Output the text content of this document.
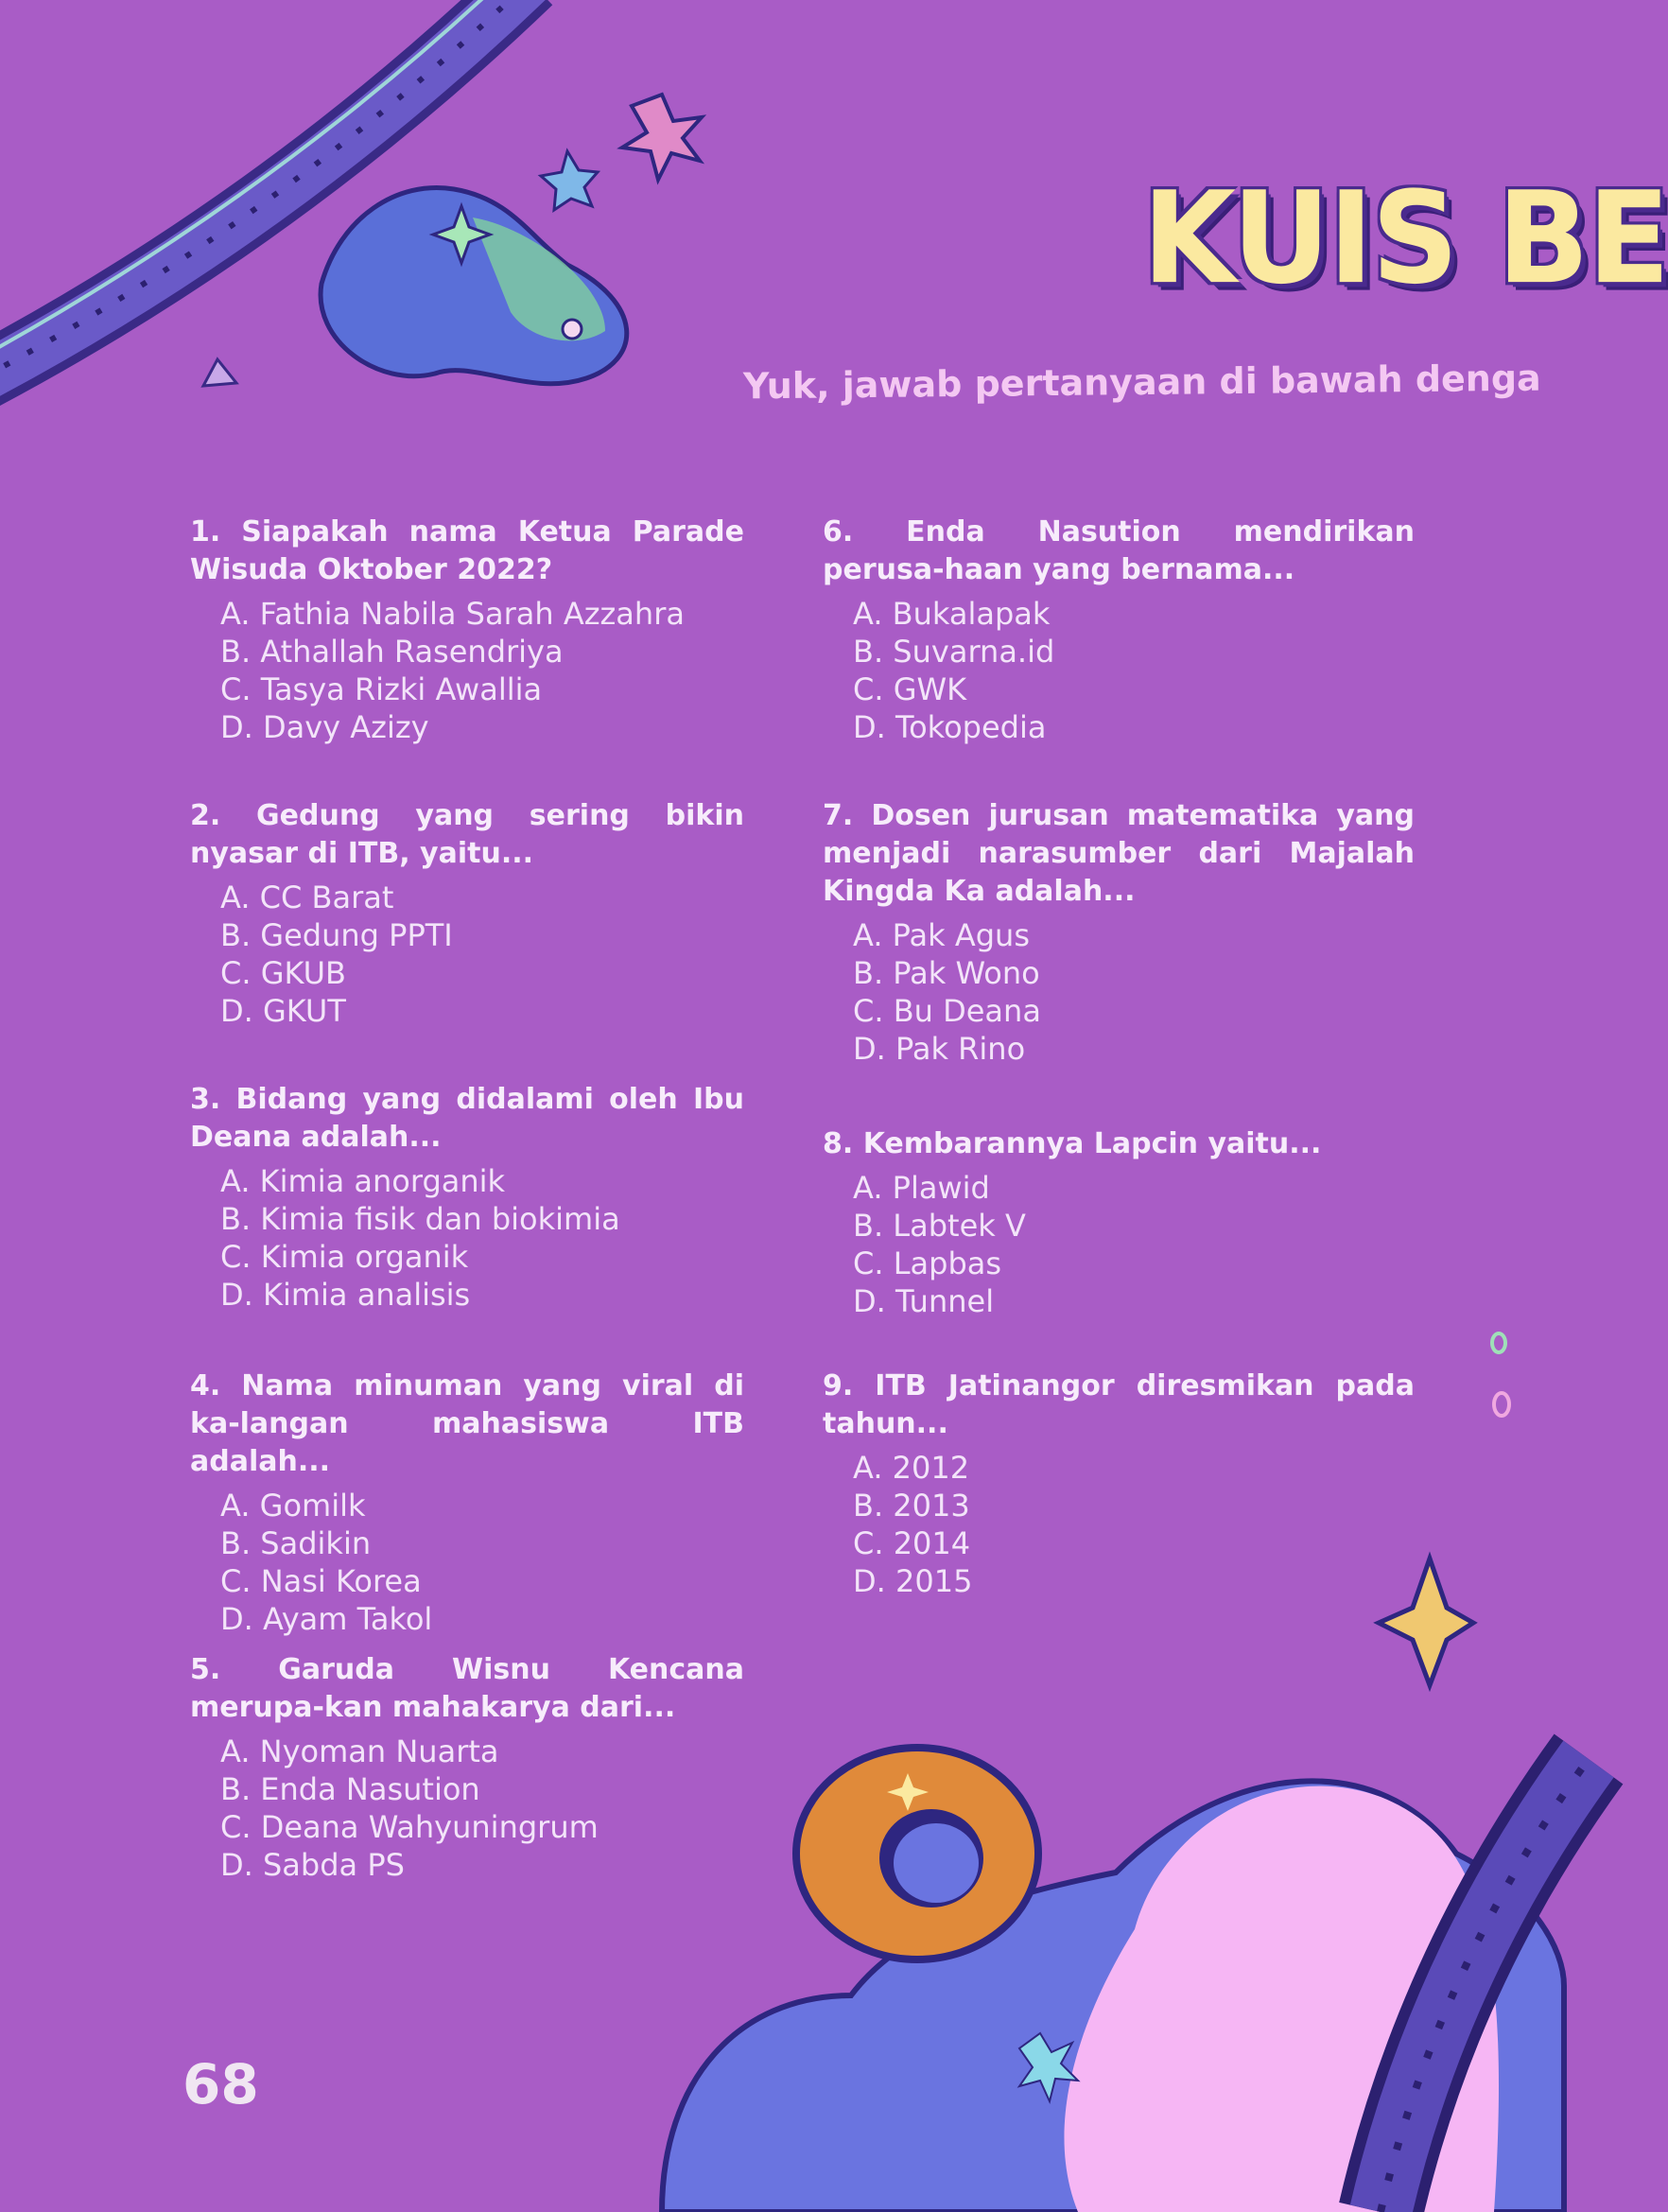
KUIS BE
Yuk, jawab pertanyaan di bawah denga

1. Siapakah nama Ketua Parade Wisuda Oktober 2022?

A. Fathia Nabila Sarah Azzahra
B. Athallah Rasendriya
C. Tasya Rizki Awallia
D. Davy Azizy

2. Gedung yang sering bikin nyasar di ITB, yaitu...

A. CC Barat
B. Gedung PPTI
C. GKUB
D. GKUT

3. Bidang yang didalami oleh Ibu Deana adalah...

A. Kimia anorganik
B. Kimia fisik dan biokimia
C. Kimia organik
D. Kimia analisis

4. Nama minuman yang viral di ka-langan mahasiswa ITB adalah...

A. Gomilk
B. Sadikin
C. Nasi Korea
D. Ayam Takol

5. Garuda Wisnu Kencana merupa-kan mahakarya dari...

A. Nyoman Nuarta
B. Enda Nasution
C. Deana Wahyuningrum
D. Sabda PS

6. Enda Nasution mendirikan perusa-haan yang bernama...

A. Bukalapak
B. Suvarna.id
C. GWK
D. Tokopedia

7. Dosen jurusan matematika yang menjadi narasumber dari Majalah Kingda Ka adalah...

A. Pak Agus
B. Pak Wono
C. Bu Deana
D. Pak Rino

8. Kembarannya Lapcin yaitu...

A. Plawid
B. Labtek V
C. Lapbas
D. Tunnel

9. ITB Jatinangor diresmikan pada tahun...

A. 2012
B. 2013
C. 2014
D. 2015
68
